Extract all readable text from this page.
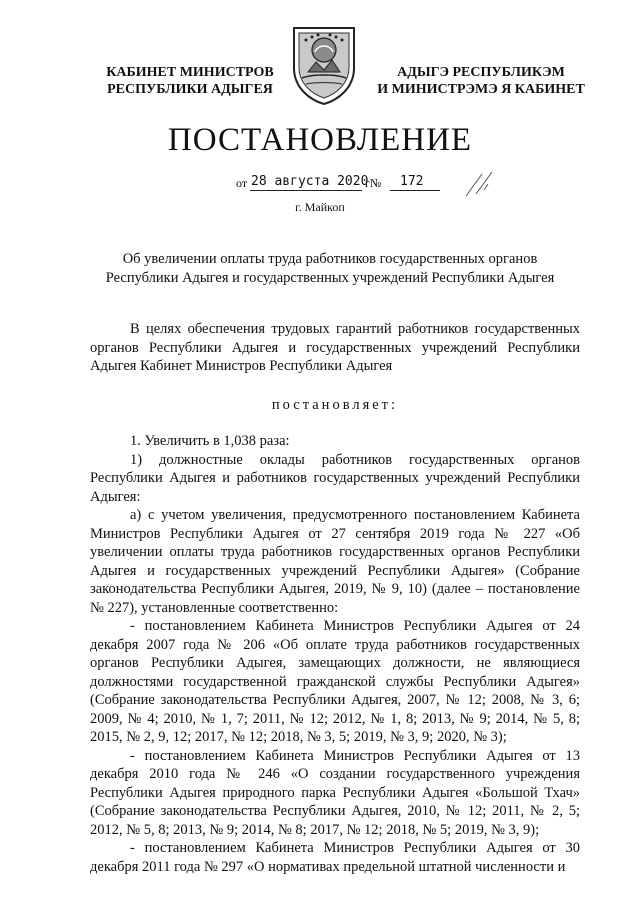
КАБИНЕТ МИНИСТРОВ
РЕСПУБЛИКИ АДЫГЕЯ
АДЫГЭ РЕСПУБЛИКЭМ
И МИНИСТРЭМЭ Я КАБИНЕТ
ПОСТАНОВЛЕНИЕ
от 28 августа 2020
г№ 172
г. Майкоп
Об увеличении оплаты труда работников государственных органов
Республики Адыгея и государственных учреждений Республики Адыгея

В целях обеспечения трудовых гарантий работников государственных органов Республики Адыгея и государственных учреждений Республики Адыгея Кабинет Министров Республики Адыгея

постановляет:

1. Увеличить в 1,038 раза:

1) должностные оклады работников государственных органов Республики Адыгея и работников государственных учреждений Республики Адыгея:

а) с учетом увеличения, предусмотренного постановлением Кабинета Министров Республики Адыгея от 27 сентября 2019 года № 227 «Об увеличении оплаты труда работников государственных органов Республики Адыгея и государственных учреждений Республики Адыгея» (Собрание законодательства Республики Адыгея, 2019, № 9, 10) (далее – постановление № 227), установленные соответственно:

- постановлением Кабинета Министров Республики Адыгея от 24 декабря 2007 года № 206 «Об оплате труда работников государственных органов Республики Адыгея, замещающих должности, не являющиеся должностями государственной гражданской службы Республики Адыгея» (Собрание законодательства Республики Адыгея, 2007, № 12; 2008, № 3, 6; 2009, № 4; 2010, № 1, 7; 2011, № 12; 2012, № 1, 8; 2013, № 9; 2014, № 5, 8; 2015, № 2, 9, 12; 2017, № 12; 2018, № 3, 5; 2019, № 3, 9; 2020, № 3);

- постановлением Кабинета Министров Республики Адыгея от 13 декабря 2010 года № 246 «О создании государственного учреждения Республики Адыгея природного парка Республики Адыгея «Большой Тхач» (Собрание законодательства Республики Адыгея, 2010, № 12; 2011, № 2, 5; 2012, № 5, 8; 2013, № 9; 2014, № 8; 2017, № 12; 2018, № 5; 2019, № 3, 9);

- постановлением Кабинета Министров Республики Адыгея от 30 декабря 2011 года № 297 «О нормативах предельной штатной численности и
